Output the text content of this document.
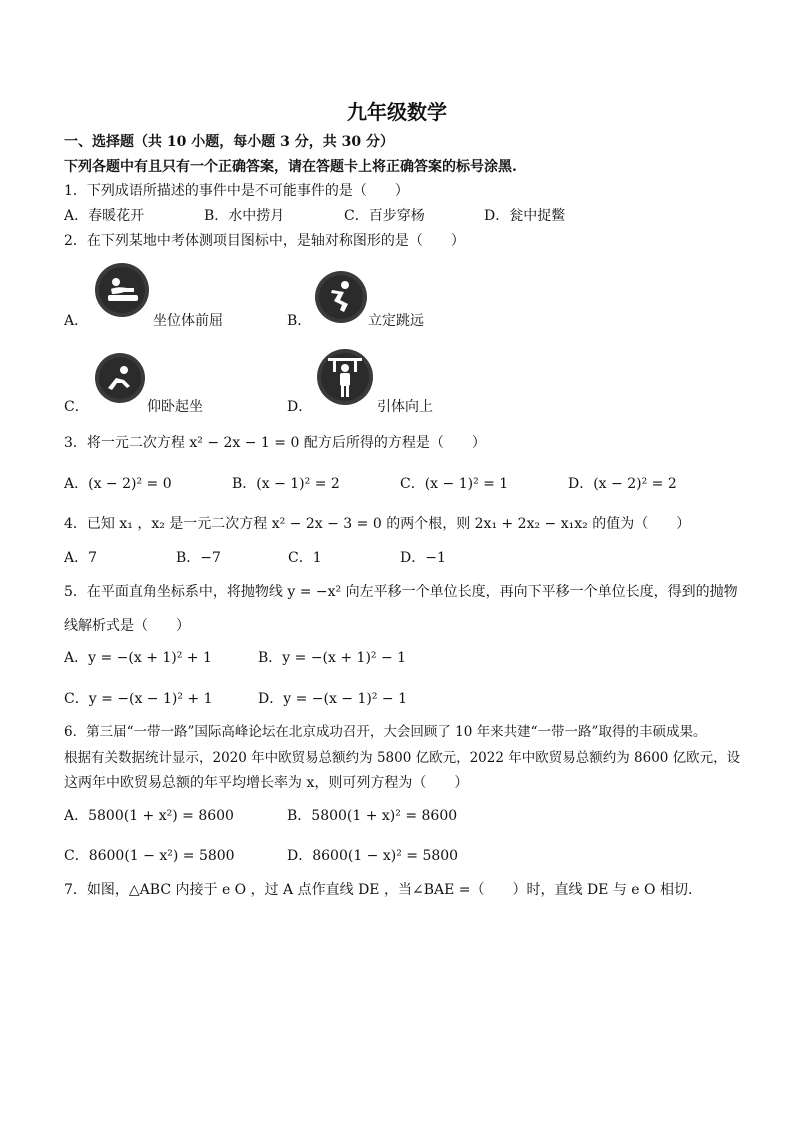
九年级数学
一、选择题（共 10 小题，每小题 3 分，共 30 分）
下列各题中有且只有一个正确答案，请在答题卡上将正确答案的标号涂黑.
1．下列成语所描述的事件中是不可能事件的是（　　）
A．春暖花开	B．水中捞月	C．百步穿杨	D．瓮中捉鳖
2．在下列某地中考体测项目图标中，是轴对称图形的是（　　）
A．	坐位体前屈	B．	立定跳远
C．	仰卧起坐	D．	引体向上
3．将一元二次方程 x² − 2x − 1 = 0 配方后所得的方程是（　　）
A．(x − 2)² = 0	B．(x − 1)² = 2	C．(x − 1)² = 1	D．(x − 2)² = 2
4．已知 x₁ ，x₂ 是一元二次方程 x² − 2x − 3 = 0 的两个根，则 2x₁ + 2x₂ − x₁x₂ 的值为（　　）
A．7	B．−7	C．1	D．−1
5．在平面直角坐标系中，将抛物线 y = −x² 向左平移一个单位长度，再向下平移一个单位长度，得到的抛物
线解析式是（　　）
A．y = −(x + 1)² + 1	B．y = −(x + 1)² − 1
C．y = −(x − 1)² + 1	D．y = −(x − 1)² − 1
6．第三届“一带一路”国际高峰论坛在北京成功召开，大会回顾了 10 年来共建“一带一路”取得的丰硕成果。
根据有关数据统计显示，2020 年中欧贸易总额约为 5800 亿欧元，2022 年中欧贸易总额约为 8600 亿欧元，设
这两年中欧贸易总额的年平均增长率为 x，则可列方程为（　　）
A．5800(1 + x²) = 8600	B．5800(1 + x)² = 8600
C．8600(1 − x²) = 5800	D．8600(1 − x)² = 5800
7．如图，△ABC 内接于 e O ，过 A 点作直线 DE ，当∠BAE =（　　）时，直线 DE 与 e O 相切.
